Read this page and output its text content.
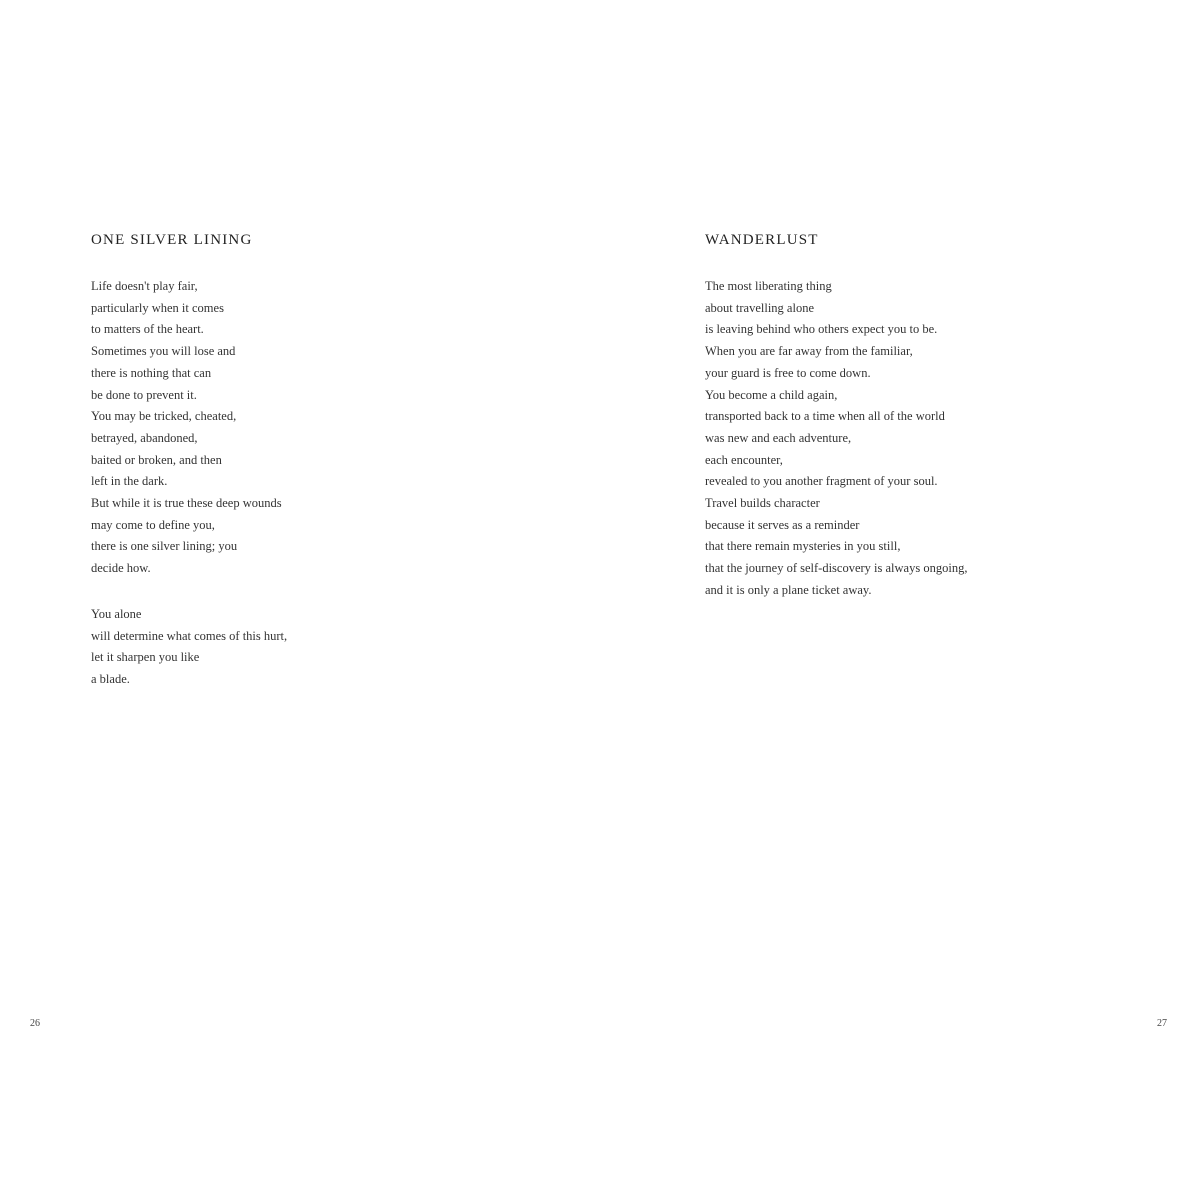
ONE SILVER LINING
Life doesn't play fair,
particularly when it comes
to matters of the heart.
Sometimes you will lose and
there is nothing that can
be done to prevent it.
You may be tricked, cheated,
betrayed, abandoned,
baited or broken, and then
left in the dark.
But while it is true these deep wounds
may come to define you,
there is one silver lining; you
decide how.
You alone
will determine what comes of this hurt,
let it sharpen you like
a blade.
26
WANDERLUST
The most liberating thing
about travelling alone
is leaving behind who others expect you to be.
When you are far away from the familiar,
your guard is free to come down.
You become a child again,
transported back to a time when all of the world
was new and each adventure,
each encounter,
revealed to you another fragment of your soul.
Travel builds character
because it serves as a reminder
that there remain mysteries in you still,
that the journey of self-discovery is always ongoing,
and it is only a plane ticket away.
27
